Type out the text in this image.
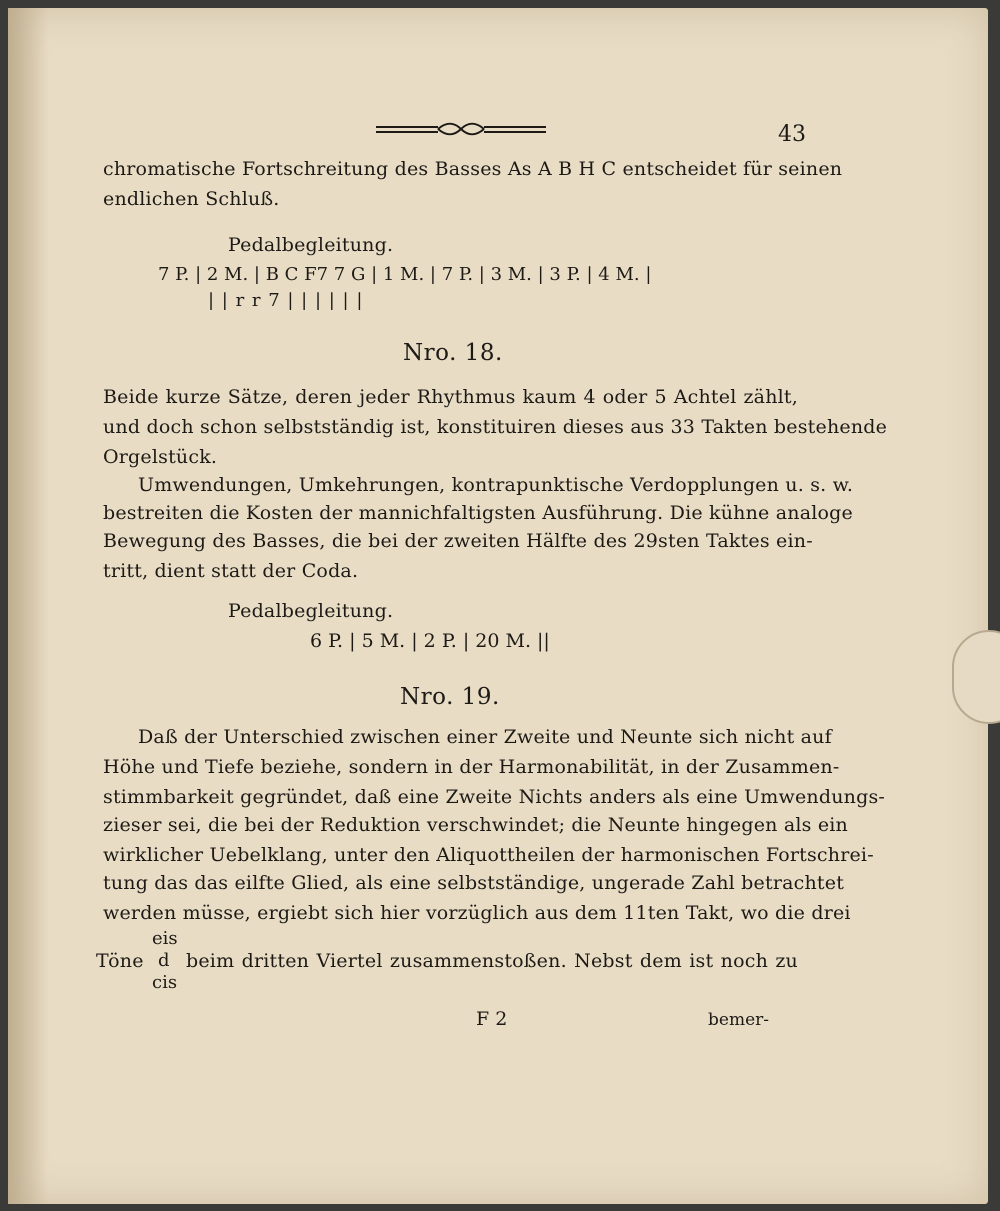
43
chromatische Fortschreitung des Basses As A B H C entscheidet für seinen
endlichen Schluß.
Pedalbegleitung.
7 P. | 2 M. | B C F7 7 G | 1 M. | 7 P. | 3 M. | 3 P. | 4 M. |
| | r r 7 | | | | | |
Nro. 18.
Beide kurze Sätze, deren jeder Rhythmus kaum 4 oder 5 Achtel zählt,
und doch schon selbstständig ist, konstituiren dieses aus 33 Takten bestehende
Orgelstück.
Umwendungen, Umkehrungen, kontrapunktische Verdopplungen u. s. w.
bestreiten die Kosten der mannichfaltigsten Ausführung. Die kühne analoge
Bewegung des Basses, die bei der zweiten Hälfte des 29sten Taktes ein-
tritt, dient statt der Coda.
Pedalbegleitung.
6 P. | 5 M. | 2 P. | 20 M. ||
Nro. 19.
Daß der Unterschied zwischen einer Zweite und Neunte sich nicht auf
Höhe und Tiefe beziehe, sondern in der Harmonabilität, in der Zusammen-
stimmbarkeit gegründet, daß eine Zweite Nichts anders als eine Umwendungs-
zieser sei, die bei der Reduktion verschwindet; die Neunte hingegen als ein
wirklicher Uebelklang, unter den Aliquottheilen der harmonischen Fortschrei-
tung das das eilfte Glied, als eine selbstständige, ungerade Zahl betrachtet
werden müsse, ergiebt sich hier vorzüglich aus dem 11ten Takt, wo die drei
eis
Töne d beim dritten Viertel zusammenstoßen. Nebst dem ist noch zu
cis
F 2	bemer-
